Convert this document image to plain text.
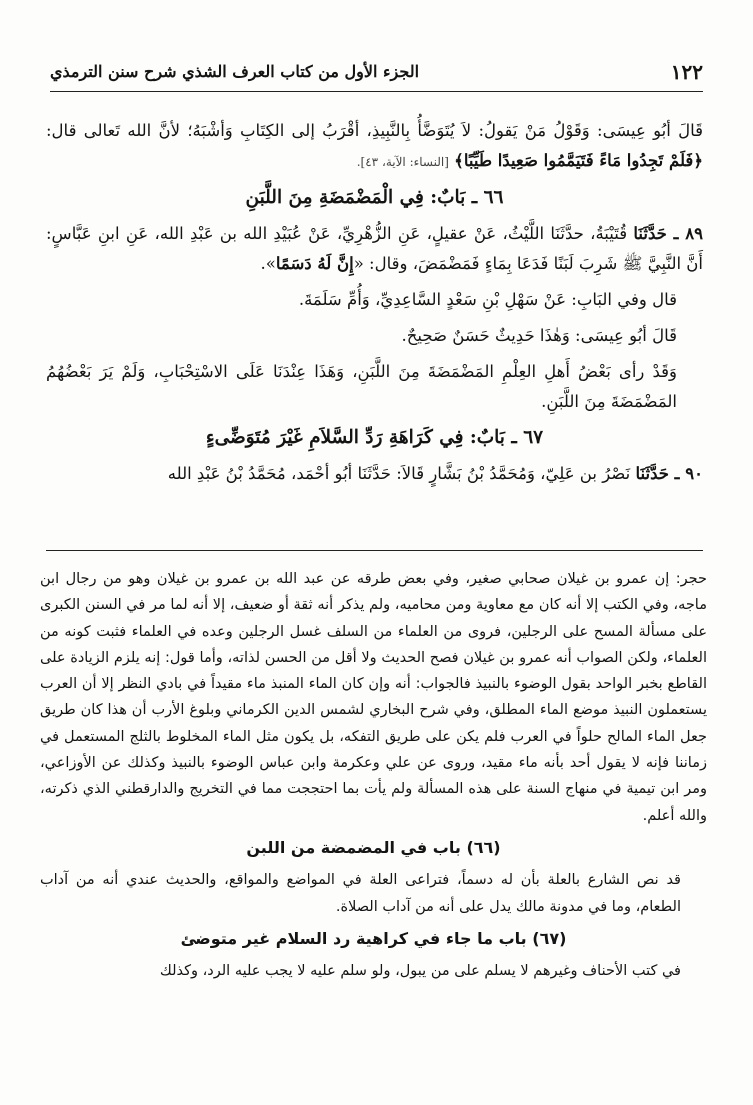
١٢٢
الجزء الأول من كتاب العرف الشذي شرح سنن الترمذي

قَالَ أبُو عِيسَى: وَقَوْلُ مَنْ يَقولُ: لاَ يُتَوَضَّأُ بِالنَّبِيذِ، أقْرَبُ إلى الكِتَابِ وَأشْبَهُ؛ لأنَّ الله تَعالى قال: ﴿فَلَمْ تَجِدُوا مَاءً فَتَيَمَّمُوا صَعِيدًا طَيِّبًا﴾ [النساء: الآية، ٤٣].

٦٦ ـ بَابٌ: فِي الْمَضْمَضَةِ مِنَ اللَّبَنِ

٨٩ ـ حَدَّثَنَا قُتَيْبَةُ، حدَّثَنَا اللَّيْثُ، عَنْ عقيلٍ، عَنِ الزُّهْرِيِّ، عَنْ عُبَيْدِ الله بن عَبْدِ الله، عَنِ ابنِ عَبَّاسٍ: أَنَّ النَّبِيَّ ﷺ شَرِبَ لَبَنًا فَدَعَا بِمَاءٍ فَمَضْمَضَ، وقال: «إِنَّ لَهُ دَسَمًا».

قال وفي البَابِ: عَنْ سَهْلِ بْنِ سَعْدٍ السَّاعِدِيِّ، وَأُمِّ سَلَمَةَ.

قَالَ أبُو عِيسَى: وَهٰذَا حَدِيثٌ حَسَنٌ صَحِيحٌ.

وَقَدْ رأى بَعْضُ أَهلِ العِلْمِ المَضْمَضَةَ مِنَ اللَّبَنِ، وَهَذَا عِنْدَنَا عَلَى الاسْتِحْبَابِ، وَلَمْ يَرَ بَعْضُهُمُ المَضْمَضَةَ مِنَ اللَّبَنِ.

٦٧ ـ بَابٌ: فِي كَرَاهَةِ رَدِّ السَّلاَمِ غَيْرَ مُتَوَضِّىءٍ

٩٠ ـ حَدَّثَنَا نَصْرُ بن عَلِيّ، وَمُحَمَّدُ بْنُ بَشَّارٍ قَالاَ: حَدَّثَنَا أبُو أحْمَد، مُحَمَّدُ بْنُ عَبْدِ الله

حجر: إن عمرو بن غيلان صحابي صغير، وفي بعض طرقه عن عبد الله بن عمرو بن غيلان وهو من رجال ابن ماجه، وفي الكتب إلا أنه كان مع معاوية ومن محاميه، ولم يذكر أنه ثقة أو ضعيف، إلا أنه لما مر في السنن الكبرى على مسألة المسح على الرجلين، فروى من العلماء من السلف غسل الرجلين وعده في العلماء فثبت كونه من العلماء، ولكن الصواب أنه عمرو بن غيلان فصح الحديث ولا أقل من الحسن لذاته، وأما قول: إنه يلزم الزيادة على القاطع بخبر الواحد بقول الوضوء بالنبيذ فالجواب: أنه وإن كان الماء المنبذ ماء مقيداً في بادي النظر إلا أن العرب يستعملون النبيذ موضع الماء المطلق، وفي شرح البخاري لشمس الدين الكرماني وبلوغ الأرب أن هذا كان طريق جعل الماء المالح حلواً في العرب فلم يكن على طريق التفكه، بل يكون مثل الماء المخلوط بالثلج المستعمل في زماننا فإنه لا يقول أحد بأنه ماء مقيد، وروى عن علي وعكرمة وابن عباس الوضوء بالنبيذ وكذلك عن الأوزاعي، ومر ابن تيمية في منهاج السنة على هذه المسألة ولم يأت بما احتججت مما في التخريج والدارقطني الذي ذكرته، والله أعلم.

(٦٦) باب في المضمضة من اللبن

قد نص الشارع بالعلة بأن له دسماً، فتراعى العلة في المواضع والمواقع، والحديث عندي أنه من آداب الطعام، وما في مدونة مالك يدل على أنه من آداب الصلاة.

(٦٧) باب ما جاء في كراهية رد السلام غير متوضئ

في كتب الأحناف وغيرهم لا يسلم على من يبول، ولو سلم عليه لا يجب عليه الرد، وكذلك
